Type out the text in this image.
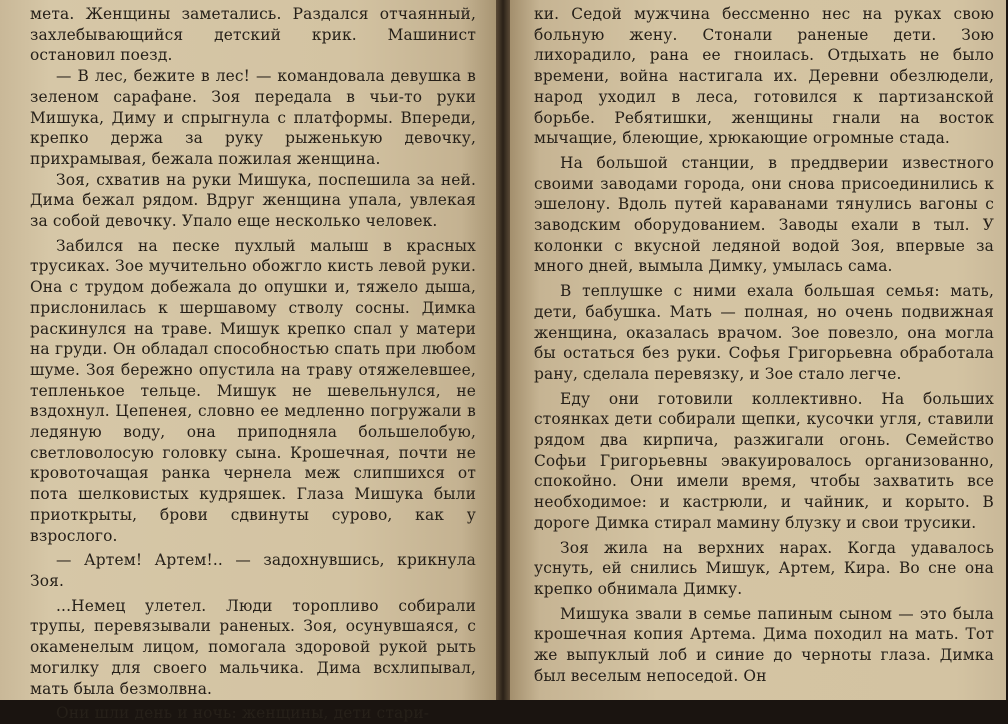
мета. Женщины заметались. Раздался отчаянный, захлебывающийся детский крик. Машинист остановил поезд.

— В лес, бежите в лес! — командовала девушка в зеленом сарафане. Зоя передала в чьи-то руки Мишука, Диму и спрыгнула с платформы. Впереди, крепко держа за руку рыженькую девочку, прихрамывая, бежала пожилая женщина.

Зоя, схватив на руки Мишука, поспешила за ней. Дима бежал рядом. Вдруг женщина упала, увлекая за собой девочку. Упало еще несколько человек.

Забился на песке пухлый малыш в красных трусиках. Зое мучительно обожгло кисть левой руки. Она с трудом добежала до опушки и, тяжело дыша, прислонилась к шершавому стволу сосны. Димка раскинулся на траве. Мишук крепко спал у матери на груди. Он обладал способностью спать при любом шуме. Зоя бережно опустила на траву отяжелевшее, тепленькое тельце. Мишук не шевельнулся, не вздохнул. Цепенея, словно ее медленно погружали в ледяную воду, она приподняла большелобую, светловолосую головку сына. Крошечная, почти не кровоточащая ранка чернела меж слипшихся от пота шелковистых кудряшек. Глаза Мишука были приоткрыты, брови сдвинуты сурово, как у взрослого.

— Артем! Артем!.. — задохнувшись, крикнула Зоя.

...Немец улетел. Люди торопливо собирали трупы, перевязывали раненых. Зоя, осунувшаяся, с окаменелым лицом, помогала здоровой рукой рыть могилку для своего мальчика. Дима всхлипывал, мать была безмолвна.

Они шли день и ночь: женщины, дети стари-

ки. Седой мужчина бессменно нес на руках свою больную жену. Стонали раненые дети. Зою лихорадило, рана ее гноилась. Отдыхать не было времени, война настигала их. Деревни обезлюдели, народ уходил в леса, готовился к партизанской борьбе. Ребятишки, женщины гнали на восток мычащие, блеющие, хрюкающие огромные стада.

На большой станции, в преддверии известного своими заводами города, они снова присоединились к эшелону. Вдоль путей караванами тянулись вагоны с заводским оборудованием. Заводы ехали в тыл. У колонки с вкусной ледяной водой Зоя, впервые за много дней, вымыла Димку, умылась сама.

В теплушке с ними ехала большая семья: мать, дети, бабушка. Мать — полная, но очень подвижная женщина, оказалась врачом. Зое повезло, она могла бы остаться без руки. Софья Григорьевна обработала рану, сделала перевязку, и Зое стало легче.

Еду они готовили коллективно. На больших стоянках дети собирали щепки, кусочки угля, ставили рядом два кирпича, разжигали огонь. Семейство Софьи Григорьевны эвакуировалось организованно, спокойно. Они имели время, чтобы захватить все необходимое: и кастрюли, и чайник, и корыто. В дороге Димка стирал мамину блузку и свои трусики.

Зоя жила на верхних нарах. Когда удавалось уснуть, ей снились Мишук, Артем, Кира. Во сне она крепко обнимала Димку.

Мишука звали в семье папиным сыном — это была крошечная копия Артема. Дима походил на мать. Тот же выпуклый лоб и синие до черноты глаза. Димка был веселым непоседой. Он
